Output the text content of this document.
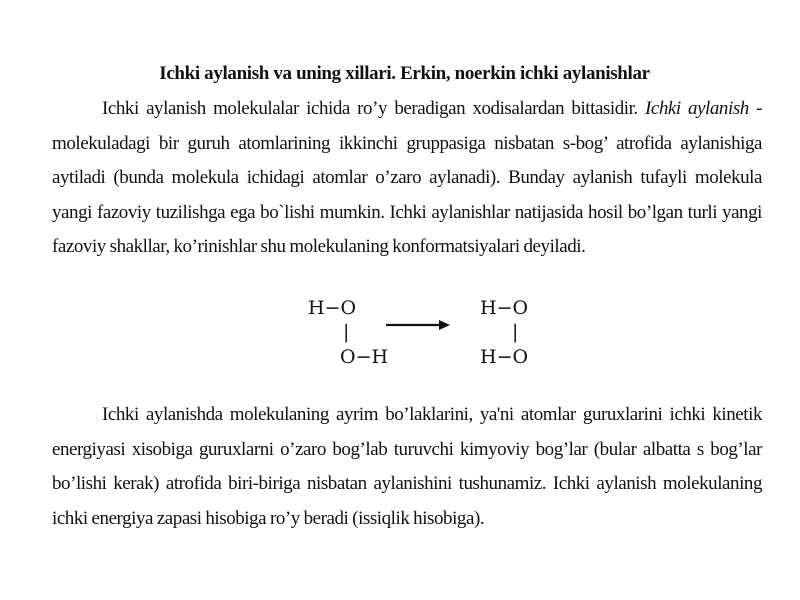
Ichki aylanish va uning xillari. Erkin, noerkin ichki aylanishlar

Ichki aylanish molekulalar ichida ro’y beradigan xodisalardan bittasidir. Ichki aylanish - molekuladagi bir guruh atomlarining ikkinchi gruppasiga nisbatan s-bog’ atrofida aylanishiga aytiladi (bunda molekula ichidagi atomlar o’zaro aylanadi). Bunday aylanish tufayli molekula yangi fazoviy tuzilishga ega bo`lishi mumkin. Ichki aylanishlar natijasida hosil bo’lgan turli yangi fazoviy shakllar, ko’rinishlar shu molekulaning konformatsiyalari deyiladi.

H−O
|
O−H
H−O
|
H−O

Ichki aylanishda molekulaning ayrim bo’laklarini, ya'ni atomlar guruxlarini ichki kinetik energiyasi xisobiga guruxlarni o’zaro bog’lab turuvchi kimyoviy bog’lar (bular albatta s bog’lar bo’lishi kerak) atrofida biri-biriga nisbatan aylanishini tushunamiz. Ichki aylanish molekulaning ichki energiya zapasi hisobiga ro’y beradi (issiqlik hisobiga).
